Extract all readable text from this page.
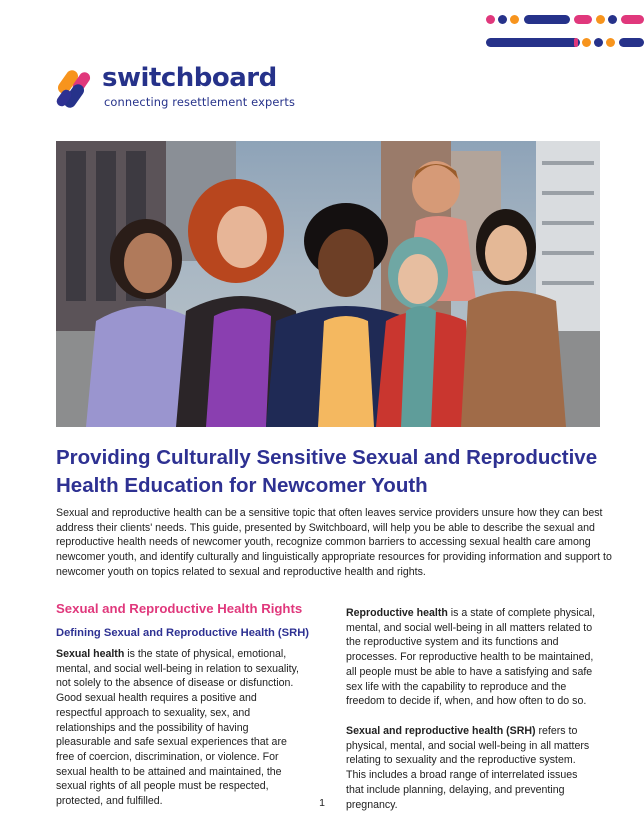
switchboard
connecting resettlement experts
Providing Culturally Sensitive Sexual and Reproductive Health Education for Newcomer Youth

Sexual and reproductive health can be a sensitive topic that often leaves service providers unsure how they can best address their clients' needs. This guide, presented by Switchboard, will help you be able to describe the sexual and reproductive health needs of newcomer youth, recognize common barriers to accessing sexual health care among newcomer youth, and identify culturally and linguistically appropriate resources for providing information and support to newcomer youth on topics related to sexual and reproductive health and rights.

Sexual and Reproductive Health Rights
Defining Sexual and Reproductive Health (SRH)

Sexual health is the state of physical, emotional, mental, and social well-being in relation to sexuality, not solely to the absence of disease or disfunction. Good sexual health requires a positive and respectful approach to sexuality, sex, and relationships and the possibility of having pleasurable and safe sexual experiences that are free of coercion, discrimination, or violence. For sexual health to be attained and maintained, the sexual rights of all people must be respected, protected, and fulfilled.

Reproductive health is a state of complete physical, mental, and social well-being in all matters related to the reproductive system and its functions and processes. For reproductive health to be maintained, all people must be able to have a satisfying and safe sex life with the capability to reproduce and the freedom to decide if, when, and how often to do so.

Sexual and reproductive health (SRH) refers to physical, mental, and social well-being in all matters relating to sexuality and the reproductive system. This includes a broad range of interrelated issues that include planning, delaying, and preventing pregnancy.

1
